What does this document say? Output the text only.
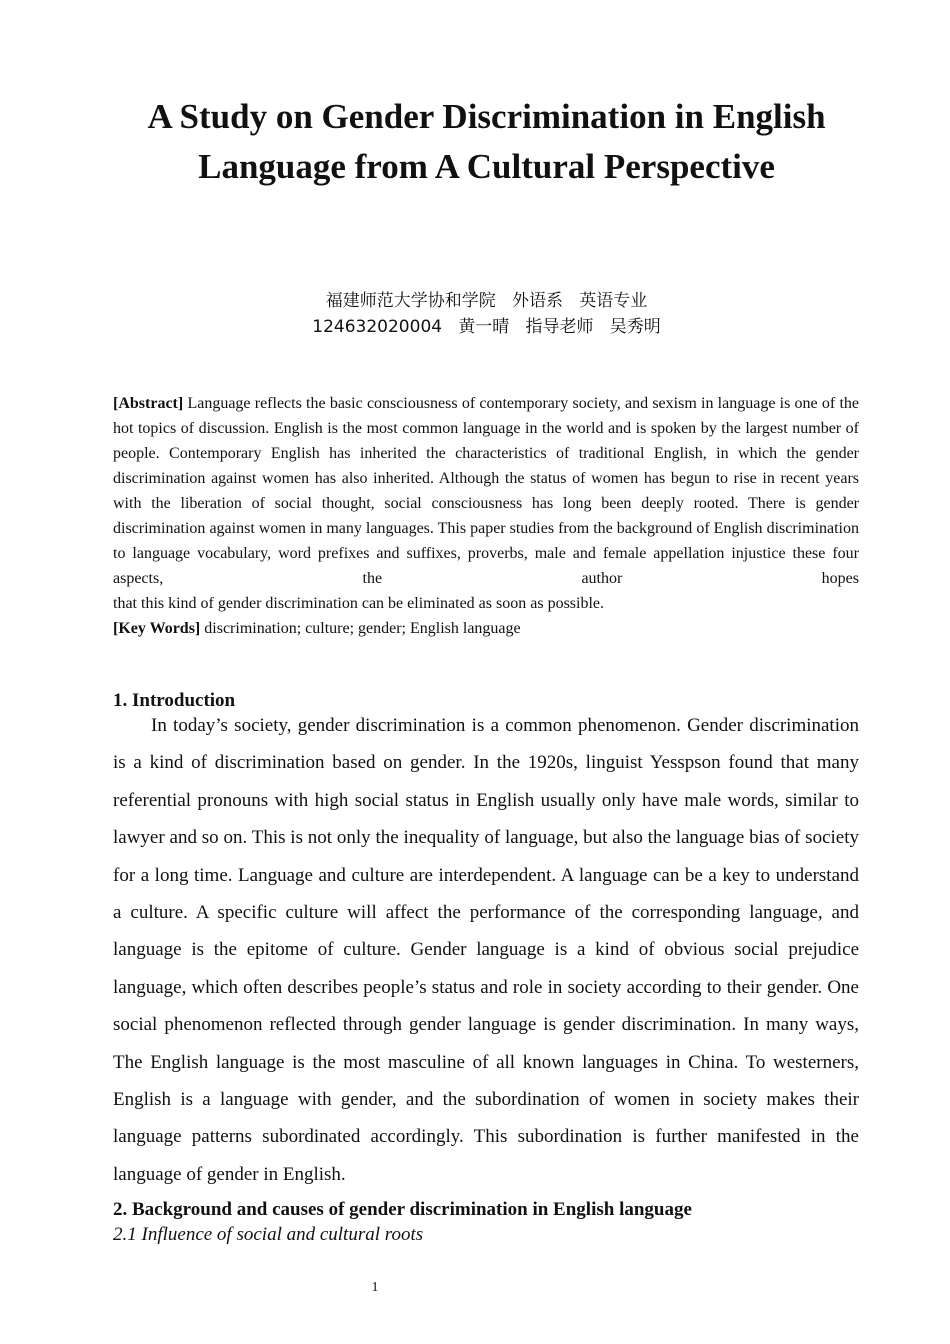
A Study on Gender Discrimination in English
Language from A Cultural Perspective
福建师范大学协和学院   外语系   英语专业
124632020004   黄一晴   指导老师   吴秀明

[Abstract] Language reflects the basic consciousness of contemporary society, and sexism in language is one of the hot topics of discussion. English is the most common language in the world and is spoken by the largest number of people. Contemporary English has inherited the characteristics of traditional English, in which the gender discrimination against women has also inherited. Although the status of women has begun to rise in recent years with the liberation of social thought, social consciousness has long been deeply rooted. There is gender discrimination against women in many languages. This paper studies from the background of English discrimination to language vocabulary, word prefixes and suffixes, proverbs, male and female appellation injustice these four aspects, the author hopes

that this kind of gender discrimination can be eliminated as soon as possible.

[Key Words] discrimination; culture; gender; English language

1. Introduction

In today’s society, gender discrimination is a common phenomenon. Gender discrimination is a kind of discrimination based on gender. In the 1920s, linguist Yesspson found that many referential pronouns with high social status in English usually only have male words, similar to lawyer and so on. This is not only the inequality of language, but also the language bias of society for a long time. Language and culture are interdependent. A language can be a key to understand a culture. A specific culture will affect the performance of the corresponding language, and language is the epitome of culture. Gender language is a kind of obvious social prejudice language, which often describes people’s status and role in society according to their gender. One social phenomenon reflected through gender language is gender discrimination. In many ways, The English language is the most masculine of all known languages in China. To westerners, English is a language with gender, and the subordination of women in society makes their language patterns subordinated accordingly. This subordination is further manifested in the language of gender in English.

2. Background and causes of gender discrimination in English language
2.1 Influence of social and cultural roots
1
